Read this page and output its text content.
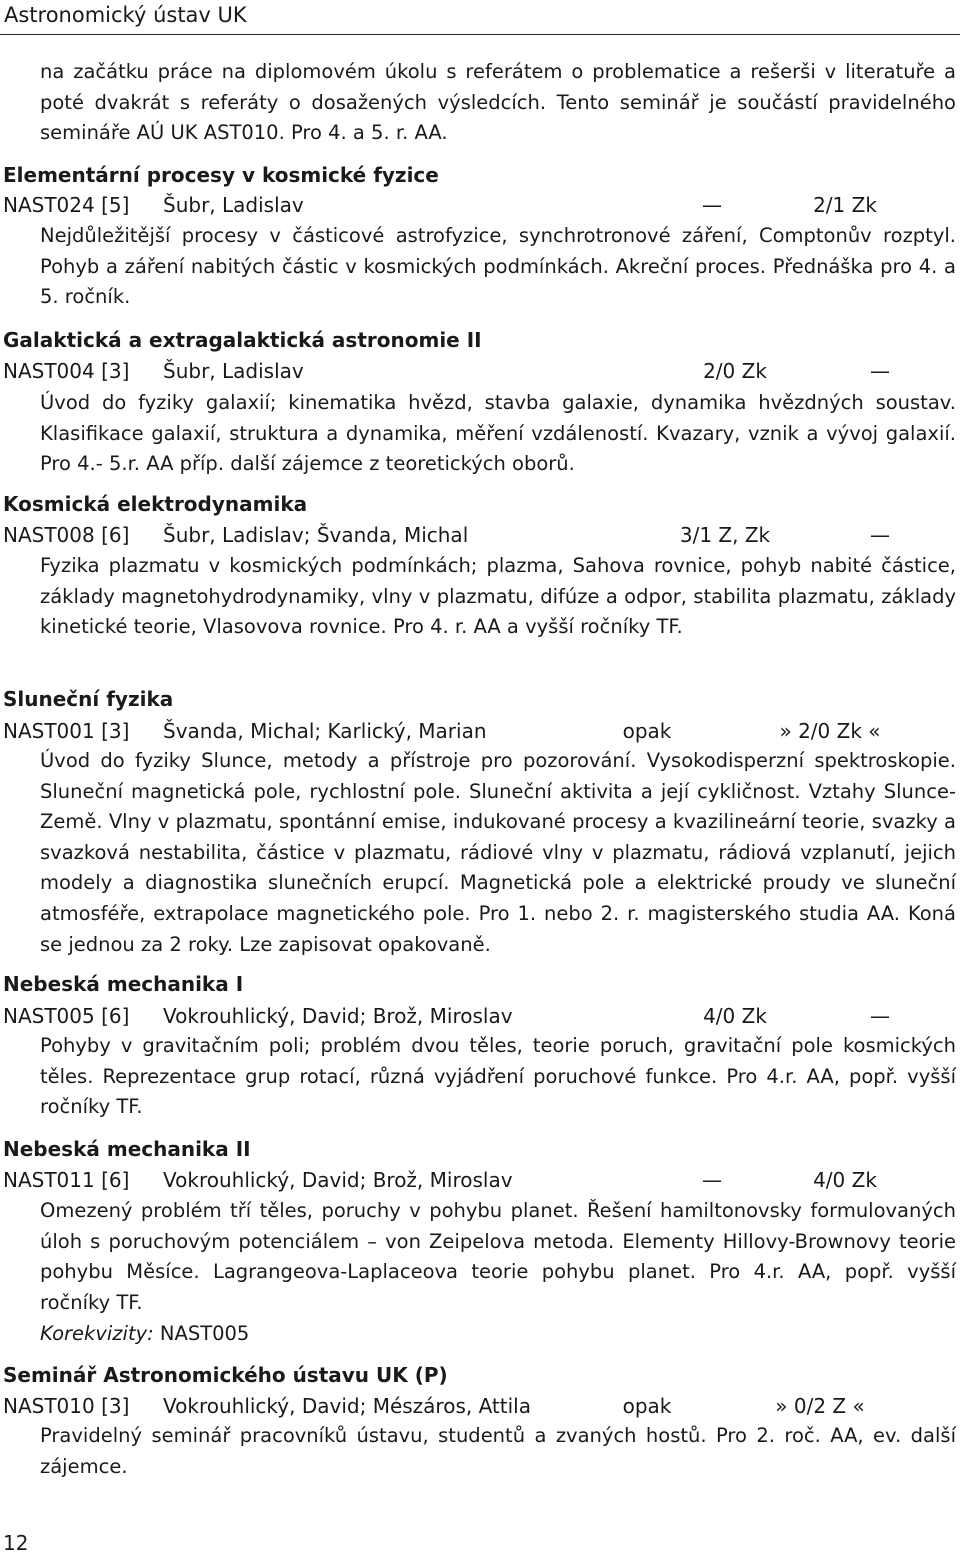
Astronomický ústav UK
na začátku práce na diplomovém úkolu s referátem o problematice a rešerši v literatuře a poté dvakrát s referáty o dosažených výsledcích. Tento seminář je součástí pravidelného semináře AÚ UK AST010. Pro 4. a 5. r. AA.
Elementární procesy v kosmické fyzice
NAST024 [5] Šubr, Ladislav	—	2/1 Zk
Nejdůležitější procesy v částicové astrofyzice, synchrotronové záření, Comptonův rozptyl. Pohyb a záření nabitých částic v kosmických podmínkách. Akreční proces. Přednáška pro 4. a 5. ročník.
Galaktická a extragalaktická astronomie II
NAST004 [3] Šubr, Ladislav	2/0 Zk	—
Úvod do fyziky galaxií; kinematika hvězd, stavba galaxie, dynamika hvězdných soustav. Klasifikace galaxií, struktura a dynamika, měření vzdáleností. Kvazary, vznik a vývoj galaxií. Pro 4.- 5.r. AA příp. další zájemce z teoretických oborů.
Kosmická elektrodynamika
NAST008 [6] Šubr, Ladislav; Švanda, Michal	3/1 Z, Zk	—
Fyzika plazmatu v kosmických podmínkách; plazma, Sahova rovnice, pohyb nabité částice, základy magnetohydrodynamiky, vlny v plazmatu, difúze a odpor, stabilita plazmatu, základy kinetické teorie, Vlasovova rovnice. Pro 4. r. AA a vyšší ročníky TF.
Sluneční fyzika
NAST001 [3] Švanda, Michal; Karlický, Marian	opak	» 2/0 Zk «
Úvod do fyziky Slunce, metody a přístroje pro pozorování. Vysokodisperzní spektroskopie. Sluneční magnetická pole, rychlostní pole. Sluneční aktivita a její cykličnost. Vztahy Slunce-Země. Vlny v plazmatu, spontánní emise, indukované procesy a kvazilineární teorie, svazky a svazková nestabilita, částice v plazmatu, rádiové vlny v plazmatu, rádiová vzplanutí, jejich modely a diagnostika slunečních erupcí. Magnetická pole a elektrické proudy ve sluneční atmosféře, extrapolace magnetického pole. Pro 1. nebo 2. r. magisterského studia AA. Koná se jednou za 2 roky. Lze zapisovat opakovaně.
Nebeská mechanika I
NAST005 [6] Vokrouhlický, David; Brož, Miroslav	4/0 Zk	—
Pohyby v gravitačním poli; problém dvou těles, teorie poruch, gravitační pole kosmických těles. Reprezentace grup rotací, různá vyjádření poruchové funkce. Pro 4.r. AA, popř. vyšší ročníky TF.
Nebeská mechanika II
NAST011 [6] Vokrouhlický, David; Brož, Miroslav	—	4/0 Zk
Omezený problém tří těles, poruchy v pohybu planet. Řešení hamiltonovsky formulovaných úloh s poruchovým potenciálem – von Zeipelova metoda. Elementy Hillovy-Brownovy teorie pohybu Měsíce. Lagrangeova-Laplaceova teorie pohybu planet. Pro 4.r. AA, popř. vyšší ročníky TF.
Korekvizity: NAST005
Seminář Astronomického ústavu UK (P)
NAST010 [3] Vokrouhlický, David; Mészáros, Attila	opak	» 0/2 Z «
Pravidelný seminář pracovníků ústavu, studentů a zvaných hostů. Pro 2. roč. AA, ev. další zájemce.
12
